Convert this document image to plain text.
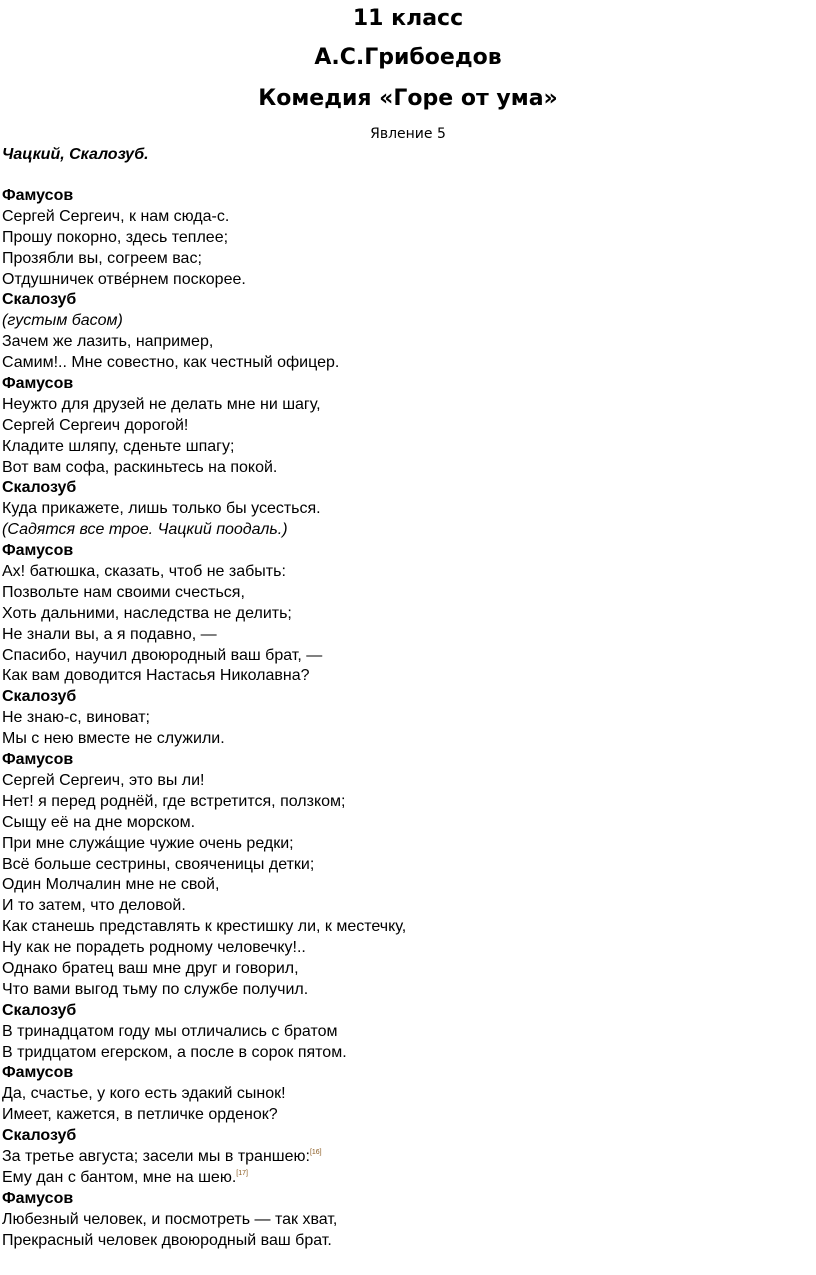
11 класс
А.С.Грибоедов
Комедия «Горе от ума»
Явление 5
Чацкий, Скалозуб.
Фамусов
Сергей Сергеич, к нам сюда-с.
Прошу покорно, здесь теплее;
Прозябли вы, согреем вас;
Отдушничек отве́рнем поскорее.
Скалозуб
(густым басом)
Зачем же лазить, например,
Самим!.. Мне совестно, как честный офицер.
Фамусов
Неужто для друзей не делать мне ни шагу,
Сергей Сергеич дорогой!
Кладите шляпу, сденьте шпагу;
Вот вам софа, раскиньтесь на покой.
Скалозуб
Куда прикажете, лишь только бы усесться.
(Садятся все трое. Чацкий поодаль.)
Фамусов
Ах! батюшка, сказать, чтоб не забыть:
Позвольте нам своими счесться,
Хоть дальними, наследства не делить;
Не знали вы, а я подавно, —
Спасибо, научил двоюродный ваш брат, —
Как вам доводится Настасья Николавна?
Скалозуб
Не знаю-с, виноват;
Мы с нею вместе не служили.
Фамусов
Сергей Сергеич, это вы ли!
Нет! я перед роднёй, где встретится, ползком;
Сыщу её на дне морском.
При мне служа́щие чужие очень редки;
Всё больше сестрины, свояченицы детки;
Один Молчалин мне не свой,
И то затем, что деловой.
Как станешь представлять к крестишку ли, к местечку,
Ну как не порадеть родному человечку!..
Однако братец ваш мне друг и говорил,
Что вами выгод тьму по службе получил.
Скалозуб
В тринадцатом году мы отличались с братом
В тридцатом егерском, а после в сорок пятом.
Фамусов
Да, счастье, у кого есть эдакий сынок!
Имеет, кажется, в петличке орденок?
Скалозуб
За третье августа; засели мы в траншею:[16]
Ему дан с бантом, мне на шею.[17]
Фамусов
Любезный человек, и посмотреть — так хват,
Прекрасный человек двоюродный ваш брат.
